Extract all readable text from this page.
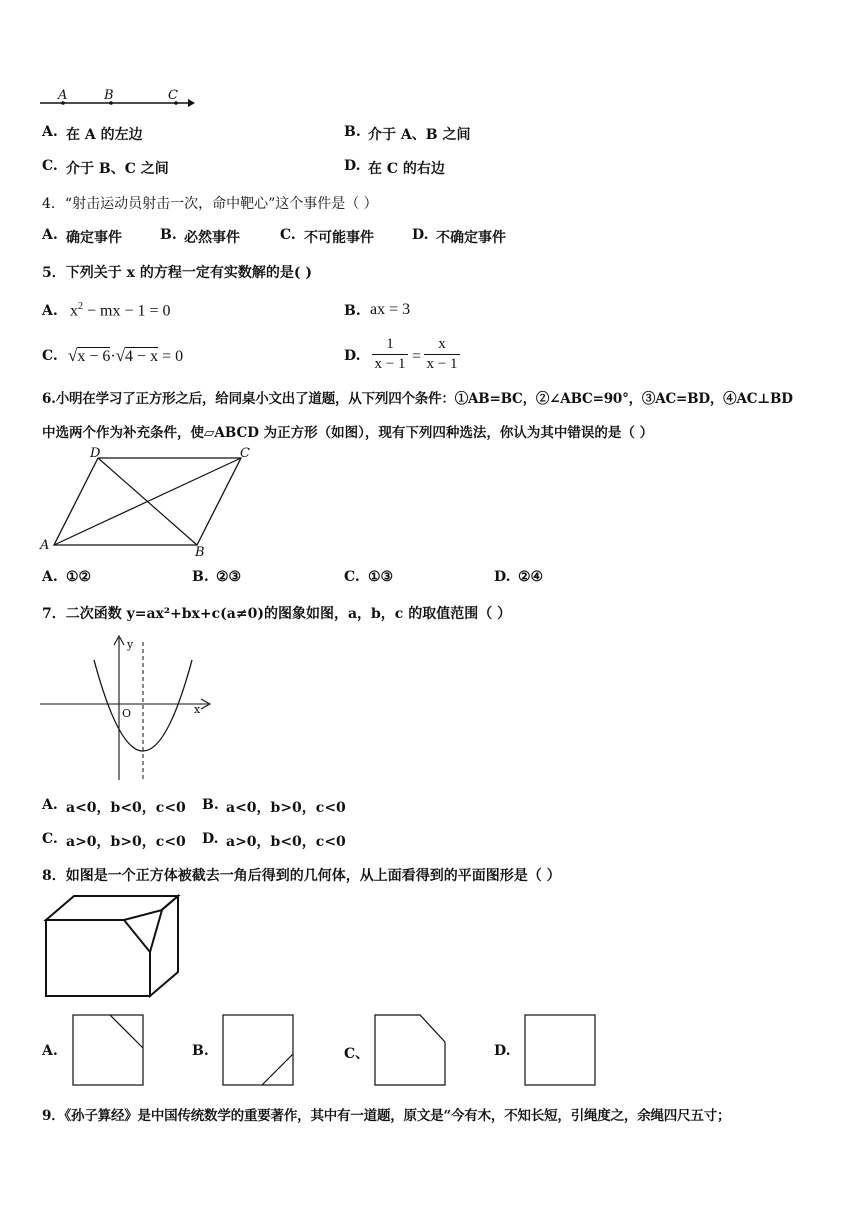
A	B	C
A. 在 A 的左边	B. 介于 A、B 之间
C. 介于 B、C 之间	D. 在 C 的右边
4．“射击运动员射击一次，命中靶心”这个事件是（ ）
A. 确定事件	B. 必然事件	C. 不可能事件	D. 不确定事件
5．下列关于 x 的方程一定有实数解的是( )
A. $x^2$ − mx − 1 = 0	B. ax = 3
C. √x − 6·√4 − x = 0	D.
1
x − 1 =
x
x − 1
6.小明在学习了正方形之后，给同桌小文出了道题，从下列四个条件：①AB=BC，②∠ABC=90°，③AC=BD，④AC⊥BD
中选两个作为补充条件，使▱ABCD 为正方形（如图），现有下列四种选法，你认为其中错误的是（ ）
A	B
C
D
A. ①②	B. ②③	C. ①③	D. ②④
7．二次函数 y=ax²+bx+c(a≠0)的图象如图，a，b，c 的取值范围（ ）
y
x
O
A. a<0，b<0，c<0 B. a<0，b>0，c<0
C. a>0，b>0，c<0 D. a>0，b<0，c<0
8．如图是一个正方体被截去一角后得到的几何体，从上面看得到的平面图形是（ ）
A.	B.	C、	D.
9．《孙子算经》是中国传统数学的重要著作，其中有一道题，原文是“今有木，不知长短，引绳度之，余绳四尺五寸；
